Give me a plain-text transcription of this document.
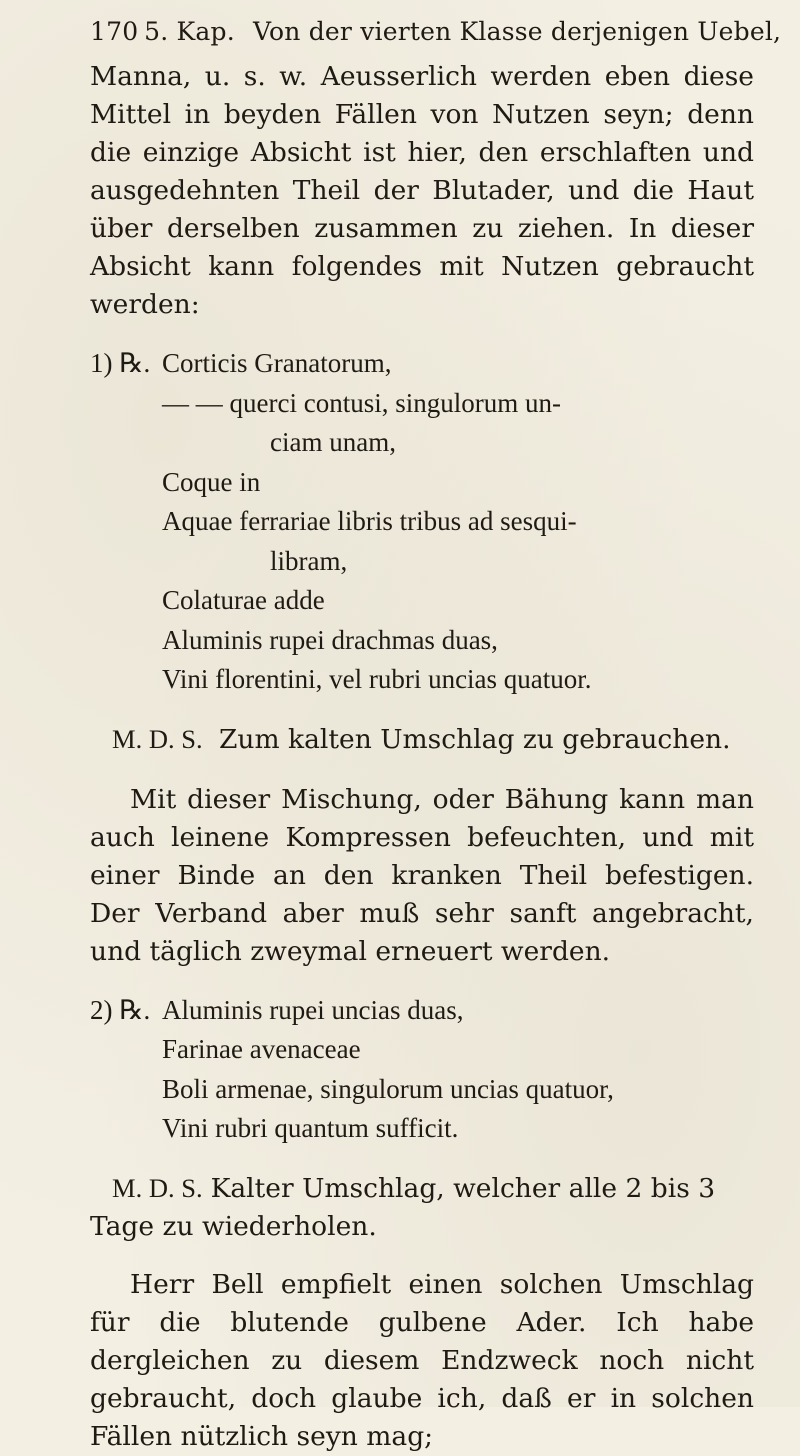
170 5. Kap. Von der vierten Klasse derjenigen Uebel,

Manna, u. s. w. Aeusserlich werden eben diese Mittel in beyden Fällen von Nutzen seyn; denn die einzige Absicht ist hier, den erschlaften und ausgedehnten Theil der Blutader, und die Haut über derselben zusammen zu ziehen. In dieser Absicht kann folgendes mit Nutzen gebraucht werden:

1) ℞. Corticis Granatorum,
— — querci contusi, singulorum un-
ciam unam,
Coque in
Aquae ferrariae libris tribus ad sesqui-
libram,
Colaturae adde
Aluminis rupei drachmas duas,
Vini florentini, vel rubri uncias quatuor.
M. D. S. Zum kalten Umschlag zu gebrauchen.

Mit dieser Mischung, oder Bähung kann man auch leinene Kompressen befeuchten, und mit einer Binde an den kranken Theil befestigen. Der Verband aber muß sehr sanft angebracht, und täglich zweymal erneuert werden.

2) ℞. Aluminis rupei uncias duas,
Farinae avenaceae
Boli armenae, singulorum uncias quatuor,
Vini rubri quantum sufficit.

M. D. S. Kalter Umschlag, welcher alle 2 bis 3 Tage zu wiederholen.

Herr Bell empfielt einen solchen Umschlag für die blutende gulbene Ader. Ich habe dergleichen zu diesem Endzweck noch nicht gebraucht, doch glaube ich, daß er in solchen Fällen nützlich seyn mag;
